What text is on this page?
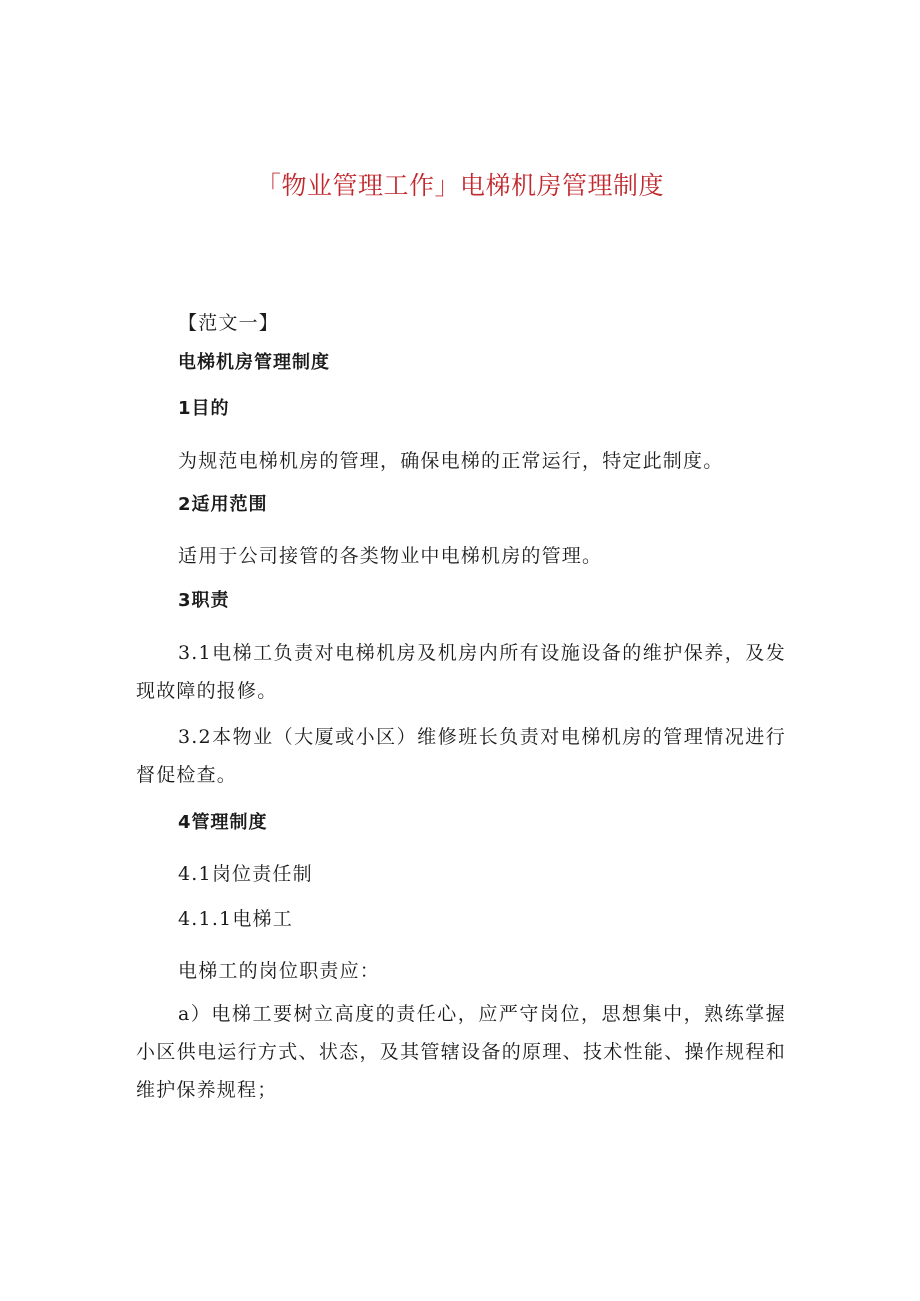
「物业管理工作」电梯机房管理制度
【范文一】
电梯机房管理制度
1目的
为规范电梯机房的管理，确保电梯的正常运行，特定此制度。
2适用范围
适用于公司接管的各类物业中电梯机房的管理。
3职责
3.1电梯工负责对电梯机房及机房内所有设施设备的维护保养，及发现故障的报修。
3.2本物业（大厦或小区）维修班长负责对电梯机房的管理情况进行督促检查。
4管理制度
4.1岗位责任制
4.1.1电梯工
电梯工的岗位职责应：
a）电梯工要树立高度的责任心，应严守岗位，思想集中，熟练掌握小区供电运行方式、状态，及其管辖设备的原理、技术性能、操作规程和维护保养规程；
